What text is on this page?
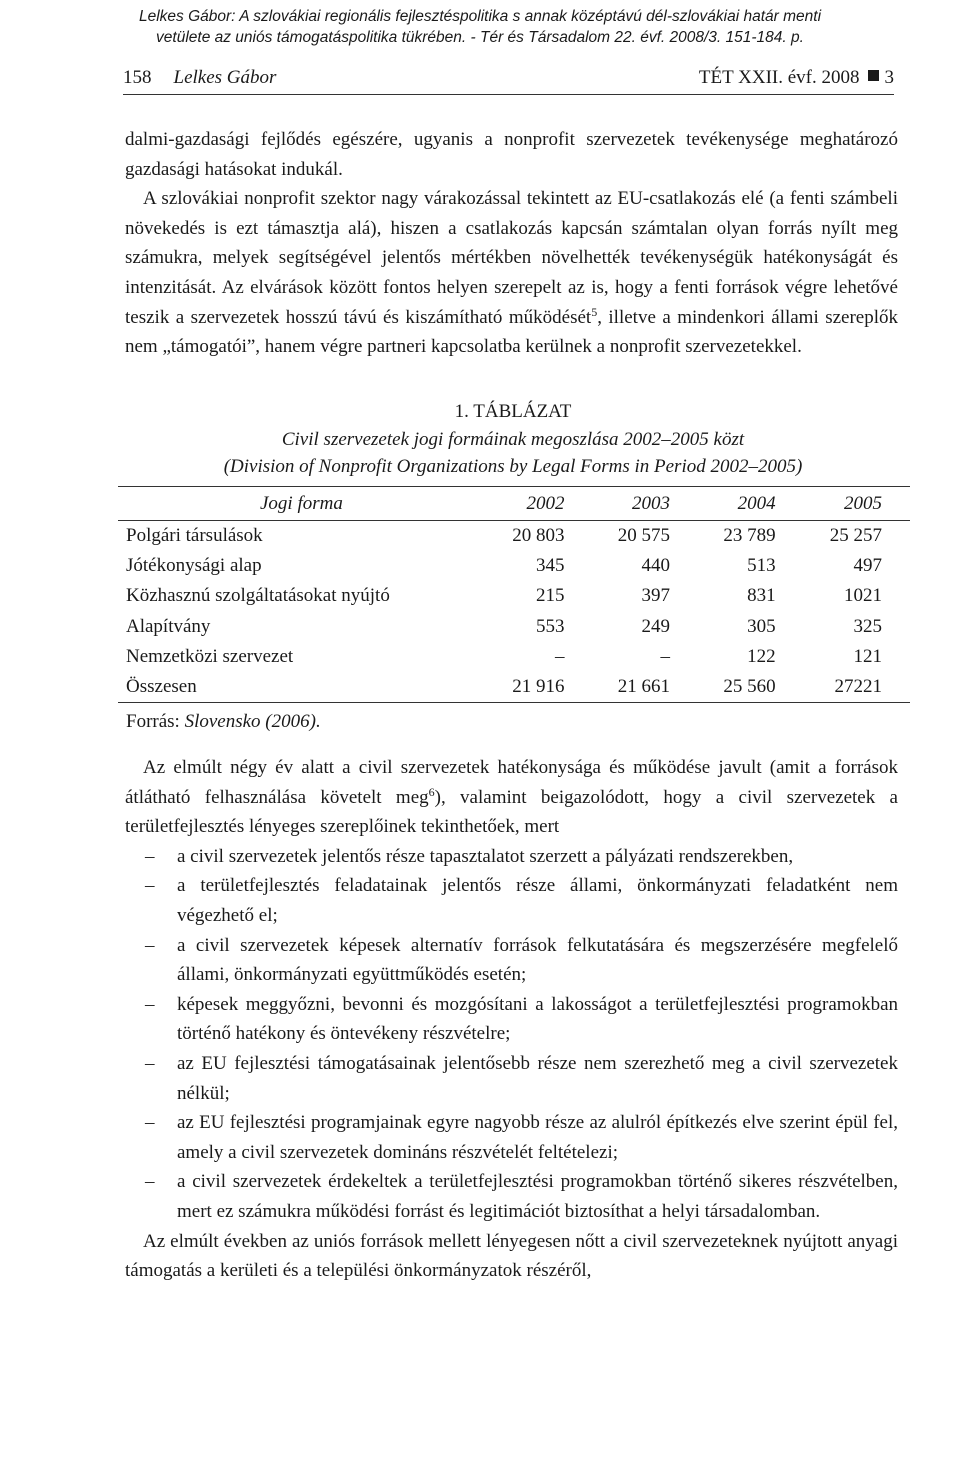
Lelkes Gábor: A szlovákiai regionális fejlesztéspolitika s annak középtávú dél-szlovákiai határ menti
vetülete az uniós támogatáspolitika tükrében. - Tér és Társadalom 22. évf. 2008/3. 151-184. p.
158 Lelkes Gábor	TÉT XXII. évf. 2008 3

dalmi-gazdasági fejlődés egészére, ugyanis a nonprofit szervezetek tevékenysége meghatározó gazdasági hatásokat indukál.

A szlovákiai nonprofit szektor nagy várakozással tekintett az EU-csatlakozás elé (a fenti számbeli növekedés is ezt támasztja alá), hiszen a csatlakozás kapcsán számtalan olyan forrás nyílt meg számukra, melyek segítségével jelentős mértékben növelhették tevékenységük hatékonyságát és intenzitását. Az elvárások között fontos helyen szerepelt az is, hogy a fenti források végre lehetővé teszik a szervezetek hosszú távú és kiszámítható működését$^5$, illetve a mindenkori állami szereplők nem „támogatói”, hanem végre partneri kapcsolatba kerülnek a nonprofit szervezetekkel.

1. TÁBLÁZAT
Civil szervezetek jogi formáinak megoszlása 2002–2005 közt
(Division of Nonprofit Organizations by Legal Forms in Period 2002–2005)
Jogi forma	2002	2003	2004	2005
Polgári társulások	20 803	20 575	23 789	25 257
Jótékonysági alap	345	440	513	497
Közhasznú szolgáltatásokat nyújtó	215	397	831	1021
Alapítvány	553	249	305	325
Nemzetközi szervezet	–	–	122	121
Összesen	21 916	21 661	25 560	27221
Forrás: Slovensko (2006).

Az elmúlt négy év alatt a civil szervezetek hatékonysága és működése javult (amit a források átlátható felhasználása követelt meg$^6$), valamint beigazolódott, hogy a civil szervezetek a területfejlesztés lényeges szereplőinek tekinthetőek, mert

– a civil szervezetek jelentős része tapasztalatot szerzett a pályázati rendszerekben,
– a területfejlesztés feladatainak jelentős része állami, önkormányzati feladatként nem végezhető el;
– a civil szervezetek képesek alternatív források felkutatására és megszerzésére megfelelő állami, önkormányzati együttműködés esetén;
– képesek meggyőzni, bevonni és mozgósítani a lakosságot a területfejlesztési programokban történő hatékony és öntevékeny részvételre;
– az EU fejlesztési támogatásainak jelentősebb része nem szerezhető meg a civil szervezetek nélkül;
– az EU fejlesztési programjainak egyre nagyobb része az alulról építkezés elve szerint épül fel, amely a civil szervezetek domináns részvételét feltételezi;
– a civil szervezetek érdekeltek a területfejlesztési programokban történő sikeres részvételben, mert ez számukra működési forrást és legitimációt biztosíthat a helyi társadalomban.

Az elmúlt években az uniós források mellett lényegesen nőtt a civil szervezeteknek nyújtott anyagi támogatás a kerületi és a települési önkormányzatok részéről,
